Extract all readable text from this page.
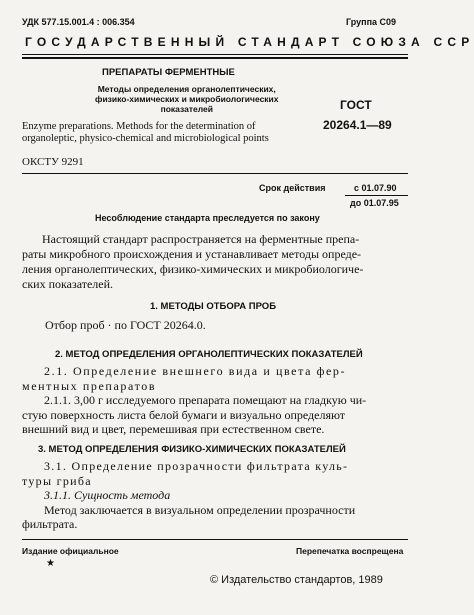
УДК 577.15.001.4 : 006.354	Группа С09
ГОСУДАРСТВЕННЫЙ СТАНДАРТ СОЮЗА ССР
ПРЕПАРАТЫ ФЕРМЕНТНЫЕ
Методы определения органолептических,
физико-химических и микробиологических
показателей	ГОСТ
20264.1—89
Enzyme preparations. Methods for the determination of
organoleptic, physico-chemical and microbiological points
ОКСТУ 9291
Срок действия	с 01.07.90
до 01.07.95
Несоблюдение стандарта преследуется по закону
Настоящий стандарт распространяется на ферментные препа-
раты микробного происхождения и устанавливает методы опреде-
ления органолептических, физико-химических и микробиологиче-
ских показателей.
1. МЕТОДЫ ОТБОРА ПРОБ
Отбор проб · по ГОСТ 20264.0.
2. МЕТОД ОПРЕДЕЛЕНИЯ ОРГАНОЛЕПТИЧЕСКИХ ПОКАЗАТЕЛЕЙ
2.1. Определение внешнего вида и цвета фер-
ментных препаратов
2.1.1. 3,00 г исследуемого препарата помещают на гладкую чи-
стую поверхность листа белой бумаги и визуально определяют
внешний вид и цвет, перемешивая при естественном свете.
3. МЕТОД ОПРЕДЕЛЕНИЯ ФИЗИКО-ХИМИЧЕСКИХ ПОКАЗАТЕЛЕЙ
3.1. Определение прозрачности фильтрата куль-
туры гриба
3.1.1. Сущность метода
Метод заключается в визуальном определении прозрачности
фильтрата.
Издание официальное	Перепечатка воспрещена
★
© Издательство стандартов, 1989
